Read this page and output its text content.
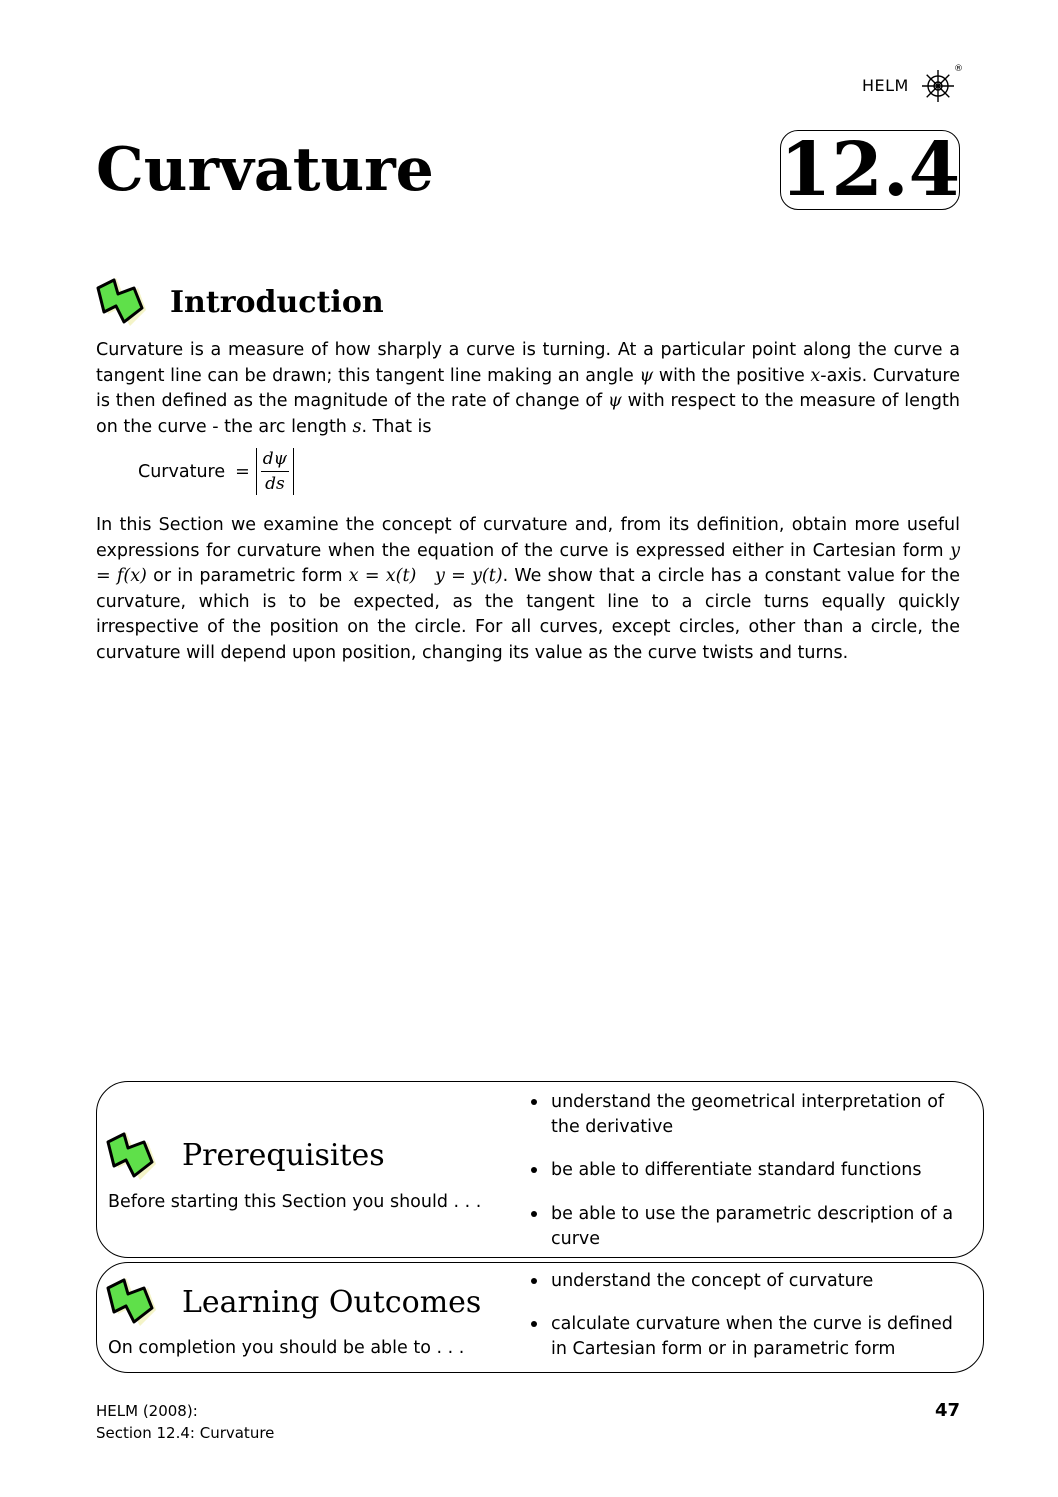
HELM
®
Curvature	12.4
Introduction
Curvature is a measure of how sharply a curve is turning. At a particular point along the curve a tangent line can be drawn; this tangent line making an angle ψ with the positive x-axis. Curvature is then defined as the magnitude of the rate of change of ψ with respect to the measure of length on the curve - the arc length s. That is
Curvature = $\frac{d\psi}{ds}$
In this Section we examine the concept of curvature and, from its definition, obtain more useful expressions for curvature when the equation of the curve is expressed either in Cartesian form y = f(x) or in parametric form x = x(t)   y = y(t). We show that a circle has a constant value for the curvature, which is to be expected, as the tangent line to a circle turns equally quickly irrespective of the position on the circle. For all curves, except circles, other than a circle, the curvature will depend upon position, changing its value as the curve twists and turns.
Prerequisites
Before starting this Section you should . . .
understand the geometrical interpretation of the derivative
be able to differentiate standard functions
be able to use the parametric description of a curve
Learning Outcomes
On completion you should be able to . . .
understand the concept of curvature
calculate curvature when the curve is defined in Cartesian form or in parametric form
HELM (2008):
Section 12.4: Curvature
47
